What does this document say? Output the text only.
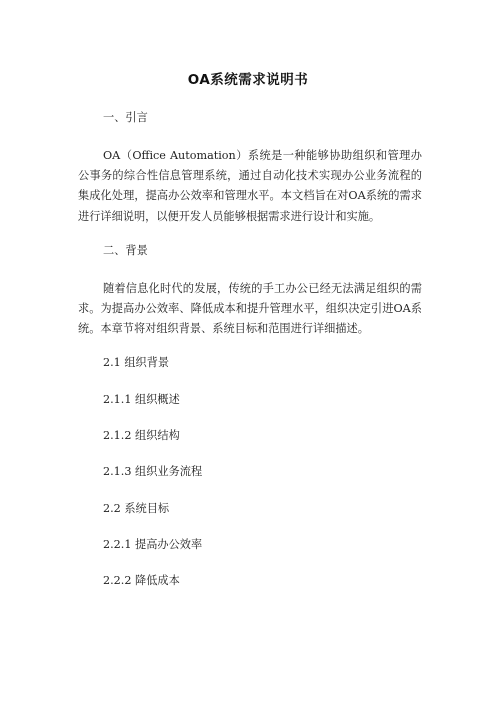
OA系统需求说明书
一、引言

OA（Office Automation）系统是一种能够协助组织和管理办公事务的综合性信息管理系统，通过自动化技术实现办公业务流程的集成化处理，提高办公效率和管理水平。本文档旨在对OA系统的需求进行详细说明，以便开发人员能够根据需求进行设计和实施。

二、背景

随着信息化时代的发展，传统的手工办公已经无法满足组织的需求。为提高办公效率、降低成本和提升管理水平，组织决定引进OA系统。本章节将对组织背景、系统目标和范围进行详细描述。

2.1 组织背景
2.1.1 组织概述
2.1.2 组织结构
2.1.3 组织业务流程
2.2 系统目标
2.2.1 提高办公效率
2.2.2 降低成本
